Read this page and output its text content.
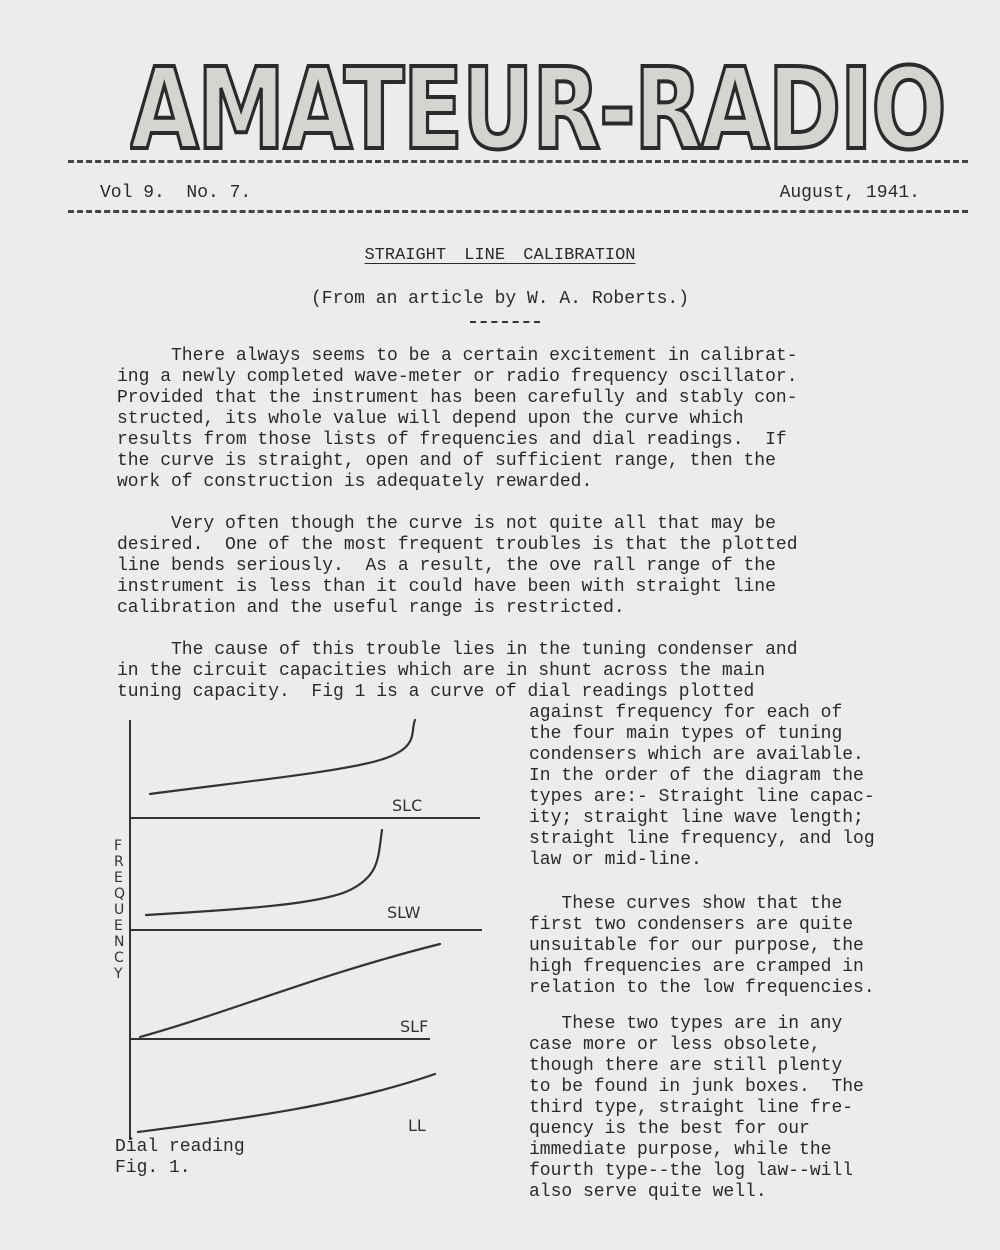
AMATEUR-RADIO
Vol 9.  No. 7.	August, 1941.
STRAIGHT LINE CALIBRATION
(From an article by W. A. Roberts.)

There always seems to be a certain excitement in calibrat-
ing a newly completed wave-meter or radio frequency oscillator.
Provided that the instrument has been carefully and stably con-
structed, its whole value will depend upon the curve which
results from those lists of frequencies and dial readings.  If
the curve is straight, open and of sufficient range, then the
work of construction is adequately rewarded.

Very often though the curve is not quite all that may be
desired.  One of the most frequent troubles is that the plotted
line bends seriously.  As a result, the ove rall range of the
instrument is less than it could have been with straight line
calibration and the useful range is restricted.

The cause of this trouble lies in the tuning condenser and
in the circuit capacities which are in shunt across the main
tuning capacity.  Fig 1 is a curve of dial readings plotted

F
R
E
Q
U
E
N
C
Y
SLC
SLW
SLF
LL
Dial reading
Fig. 1.

against frequency for each of
the four main types of tuning
condensers which are available.
In the order of the diagram the
types are:- Straight line capac-
ity; straight line wave length;
straight line frequency, and log
law or mid-line.

These curves show that the
first two condensers are quite
unsuitable for our purpose, the
high frequencies are cramped in
relation to the low frequencies.

These two types are in any
case more or less obsolete,
though there are still plenty
to be found in junk boxes.  The
third type, straight line fre-
quency is the best for our
immediate purpose, while the
fourth type--the log law--will
also serve quite well.
